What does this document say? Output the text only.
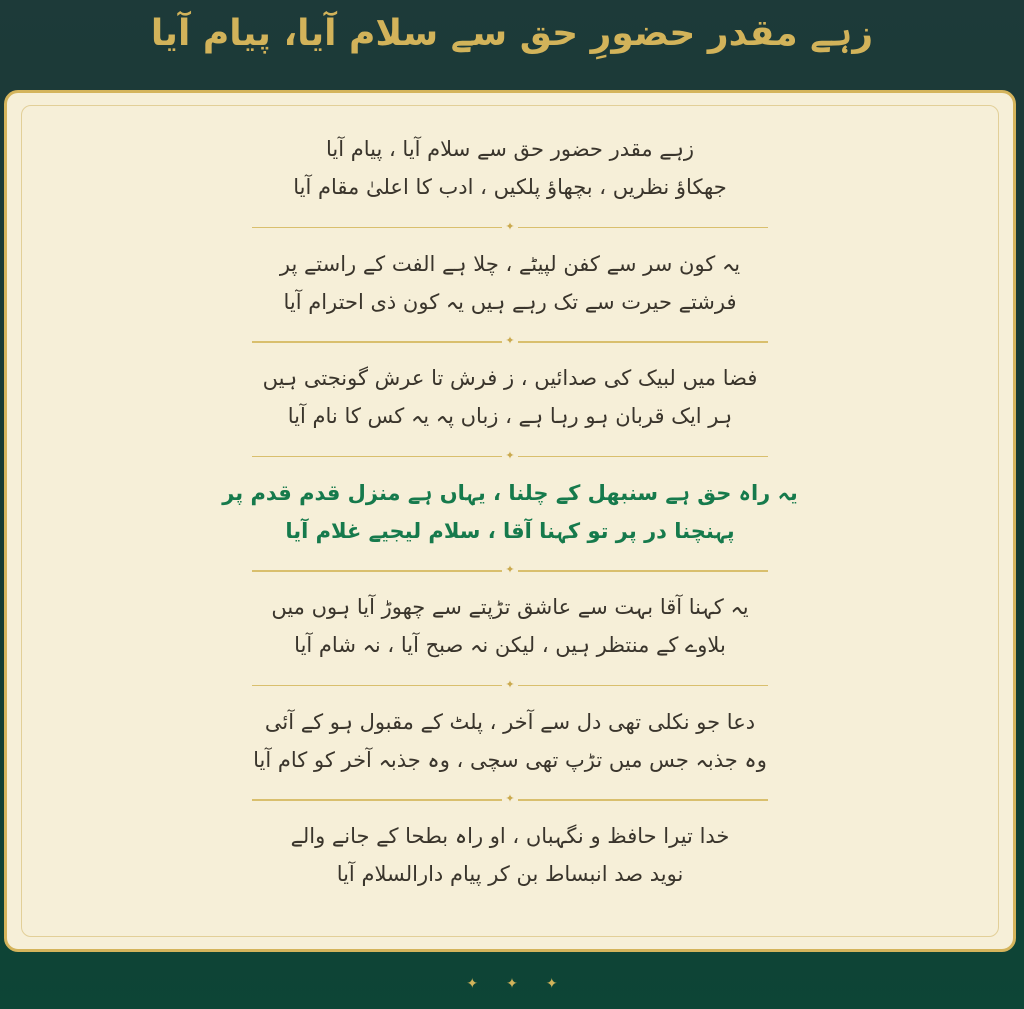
زہے مقدر حضورِ حق سے سلام آیا، پیام آیا
زہے مقدر حضور حق سے سلام آیا ، پیام آیا
جھکاؤ نظریں ، بچھاؤ پلکیں ، ادب کا اعلیٰ مقام آیا
✦
یہ کون سر سے کفن لپیٹے ، چلا ہے الفت کے راستے پر
فرشتے حیرت سے تک رہے ہیں یہ کون ذی احترام آیا
✦
فضا میں لبیک کی صدائیں ، ز فرش تا عرش گونجتی ہیں
ہر ایک قربان ہو رہا ہے ، زباں پہ یہ کس کا نام آیا
✦
یہ راہ حق ہے سنبھل کے چلنا ، یہاں ہے منزل قدم قدم پر
پہنچنا در پر تو کہنا آقا ، سلام لیجیے غلام آیا
✦
یہ کہنا آقا بہت سے عاشق تڑپتے سے چھوڑ آیا ہوں میں
بلاوے کے منتظر ہیں ، لیکن نہ صبح آیا ، نہ شام آیا
✦
دعا جو نکلی تھی دل سے آخر ، پلٹ کے مقبول ہو کے آئی
وہ جذبہ جس میں تڑپ تھی سچی ، وہ جذبہ آخر کو کام آیا
✦
خدا تیرا حافظ و نگہباں ، او راہ بطحا کے جانے والے
نوید صد انبساط بن کر پیام دارالسلام آیا
✦✦✦
